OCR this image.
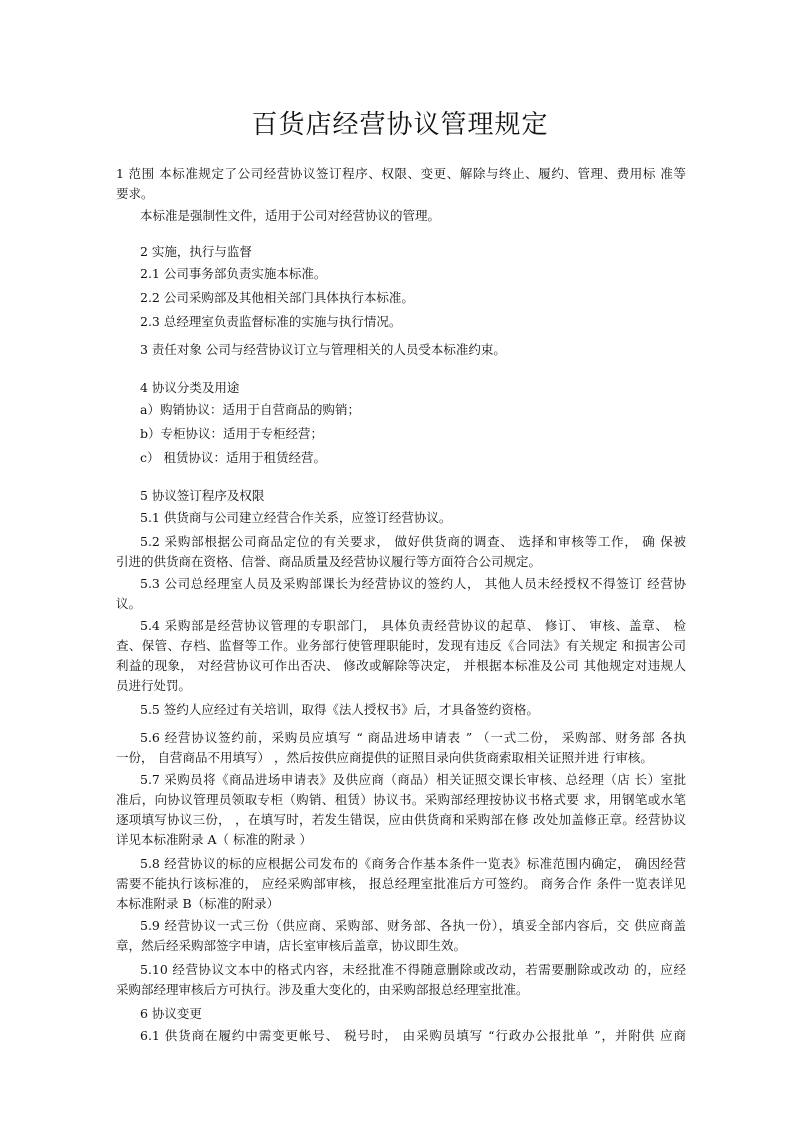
百货店经营协议管理规定
1 范围 本标准规定了公司经营协议签订程序、权限、变更、解除与终止、履约、管理、费用标 准等
要求。
本标准是强制性文件，适用于公司对经营协议的管理。
2 实施，执行与监督
2.1 公司事务部负责实施本标准。
2.2 公司采购部及其他相关部门具体执行本标准。
2.3 总经理室负责监督标准的实施与执行情况。
3 责任对象 公司与经营协议订立与管理相关的人员受本标准约束。
4 协议分类及用途
a）购销协议：适用于自营商品的购销；
b）专柜协议：适用于专柜经营；
c） 租赁协议：适用于租赁经营。
5 协议签订程序及权限
5.1 供货商与公司建立经营合作关系，应签订经营协议。
5.2 采购部根据公司商品定位的有关要求， 做好供货商的调查、 选择和审核等工作， 确 保被
引进的供货商在资格、信誉、商品质量及经营协议履行等方面符合公司规定。
5.3 公司总经理室人员及采购部课长为经营协议的签约人， 其他人员未经授权不得签订 经营协
议。
5.4 采购部是经营协议管理的专职部门， 具体负责经营协议的起草、 修订、 审核、盖章、 检
查、保管、存档、监督等工作。业务部行使管理职能时，发现有违反《合同法》有关规定 和损害公司
利益的现象， 对经营协议可作出否决、 修改或解除等决定， 并根据本标准及公司 其他规定对违规人
员进行处罚。
5.5 签约人应经过有关培训，取得《法人授权书》后，才具备签约资格。
5.6 经营协议签约前，采购员应填写 “ 商品进场申请表 ” （一式二份， 采购部、财务部 各执
一份， 自营商品不用填写） ，然后按供应商提供的证照目录向供货商索取相关证照并进 行审核。
5.7 采购员将《商品进场申请表》及供应商（商品）相关证照交课长审核、总经理（店 长）室批
准后，向协议管理员领取专柜（购销、租赁）协议书。采购部经理按协议书格式要 求，用钢笔或水笔
逐项填写协议三份， ，在填写时，若发生错误，应由供货商和采购部在修 改处加盖修正章。经营协议
详见本标准附录 A（ 标准的附录 ）
5.8 经营协议的标的应根据公司发布的《商务合作基本条件一览表》标准范围内确定， 确因经营
需要不能执行该标准的， 应经采购部审核， 报总经理室批准后方可签约。 商务合作 条件一览表详见
本标准附录 B（标准的附录）
5.9 经营协议一式三份（供应商、采购部、财务部、各执一份），填妥全部内容后，交 供应商盖
章，然后经采购部签字申请，店长室审核后盖章，协议即生效。
5.10 经营协议文本中的格式内容，未经批准不得随意删除或改动，若需要删除或改动 的，应经
采购部经理审核后方可执行。涉及重大变化的，由采购部报总经理室批准。
6 协议变更
6.1 供货商在履约中需变更帐号、 税号时， 由采购员填写 “行政办公报批单 ”，并附供 应商
